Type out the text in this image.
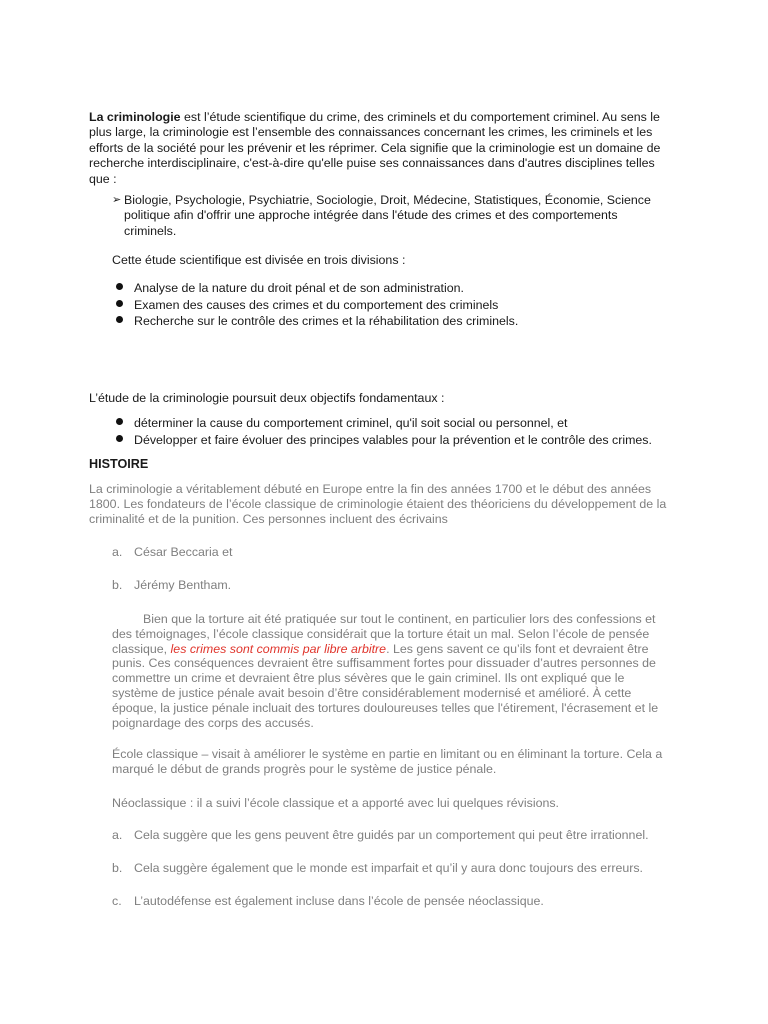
La criminologie est l’étude scientifique du crime, des criminels et du comportement criminel. Au sens le plus large, la criminologie est l’ensemble des connaissances concernant les crimes, les criminels et les efforts de la société pour les prévenir et les réprimer. Cela signifie que la criminologie est un domaine de recherche interdisciplinaire, c'est-à-dire qu'elle puise ses connaissances dans d'autres disciplines telles que :

➢ Biologie, Psychologie, Psychiatrie, Sociologie, Droit, Médecine, Statistiques, Économie, Science politique afin d'offrir une approche intégrée dans l'étude des crimes et des comportements criminels.
Cette étude scientifique est divisée en trois divisions :
Analyse de la nature du droit pénal et de son administration.
Examen des causes des crimes et du comportement des criminels
Recherche sur le contrôle des crimes et la réhabilitation des criminels.
L’étude de la criminologie poursuit deux objectifs fondamentaux :
déterminer la cause du comportement criminel, qu'il soit social ou personnel, et
Développer et faire évoluer des principes valables pour la prévention et le contrôle des crimes.
HISTOIRE

La criminologie a véritablement débuté en Europe entre la fin des années 1700 et le début des années 1800. Les fondateurs de l’école classique de criminologie étaient des théoriciens du développement de la criminalité et de la punition. Ces personnes incluent des écrivains

a. César Beccaria et
b. Jérémy Bentham.

Bien que la torture ait été pratiquée sur tout le continent, en particulier lors des confessions et des témoignages, l’école classique considérait que la torture était un mal. Selon l’école de pensée classique, les crimes sont commis par libre arbitre. Les gens savent ce qu’ils font et devraient être punis. Ces conséquences devraient être suffisamment fortes pour dissuader d’autres personnes de commettre un crime et devraient être plus sévères que le gain criminel. Ils ont expliqué que le système de justice pénale avait besoin d’être considérablement modernisé et amélioré. À cette époque, la justice pénale incluait des tortures douloureuses telles que l'étirement, l'écrasement et le poignardage des corps des accusés.

École classique – visait à améliorer le système en partie en limitant ou en éliminant la torture. Cela a marqué le début de grands progrès pour le système de justice pénale.

Néoclassique : il a suivi l’école classique et a apporté avec lui quelques révisions.
a. Cela suggère que les gens peuvent être guidés par un comportement qui peut être irrationnel.
b. Cela suggère également que le monde est imparfait et qu’il y aura donc toujours des erreurs.
c. L’autodéfense est également incluse dans l’école de pensée néoclassique.
